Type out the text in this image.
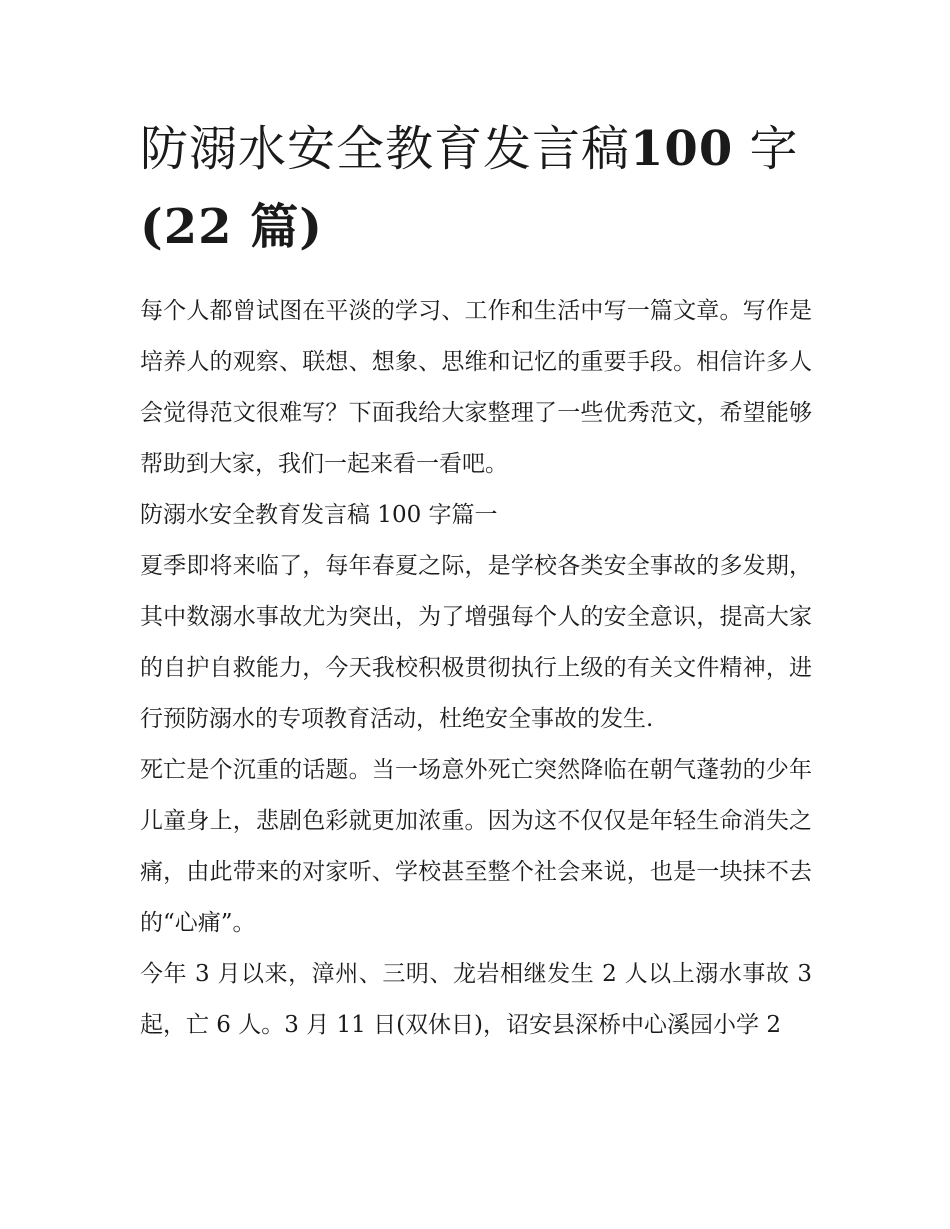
防溺水安全教育发言稿100 字
(22 篇)

每个人都曾试图在平淡的学习、工作和生活中写一篇文章。写作是培养人的观察、联想、想象、思维和记忆的重要手段。相信许多人会觉得范文很难写？下面我给大家整理了一些优秀范文，希望能够帮助到大家，我们一起来看一看吧。

防溺水安全教育发言稿 100 字篇一

夏季即将来临了，每年春夏之际，是学校各类安全事故的多发期，其中数溺水事故尤为突出，为了增强每个人的安全意识，提高大家的自护自救能力，今天我校积极贯彻执行上级的有关文件精神，进行预防溺水的专项教育活动，杜绝安全事故的发生.

死亡是个沉重的话题。当一场意外死亡突然降临在朝气蓬勃的少年儿童身上，悲剧色彩就更加浓重。因为这不仅仅是年轻生命消失之痛，由此带来的对家听、学校甚至整个社会来说，也是一块抹不去的“心痛”。

今年 3 月以来，漳州、三明、龙岩相继发生 2 人以上溺水事故 3 起，亡 6 人。3 月 11 日(双休日)，诏安县深桥中心溪园小学 2
